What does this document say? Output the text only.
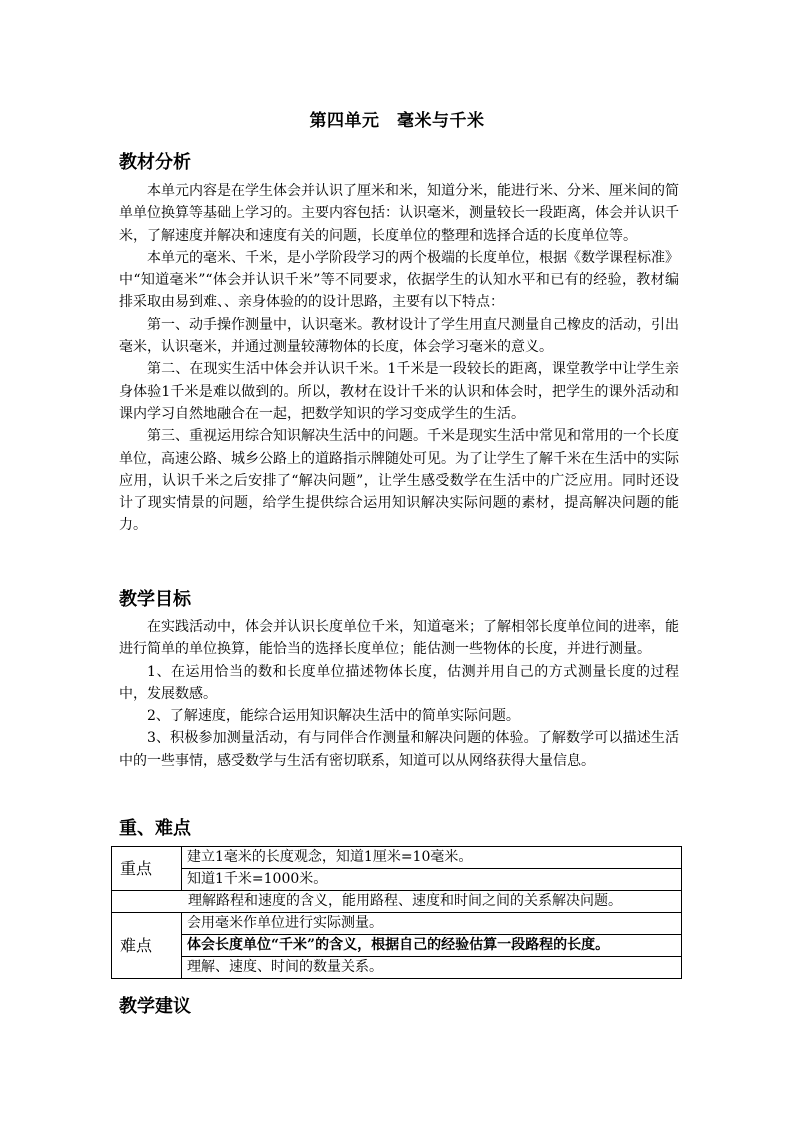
第四单元　毫米与千米
教材分析

本单元内容是在学生体会并认识了厘米和米，知道分米，能进行米、分米、厘米间的简单单位换算等基础上学习的。主要内容包括：认识毫米，测量较长一段距离，体会并认识千米，了解速度并解决和速度有关的问题，长度单位的整理和选择合适的长度单位等。

本单元的毫米、千米，是小学阶段学习的两个极端的长度单位，根据《数学课程标准》中“知道毫米”“体会并认识千米”等不同要求，依据学生的认知水平和已有的经验，教材编排采取由易到难、、亲身体验的的设计思路，主要有以下特点：

第一、动手操作测量中，认识毫米。教材设计了学生用直尺测量自己橡皮的活动，引出毫米，认识毫米，并通过测量较薄物体的长度，体会学习毫米的意义。

第二、在现实生活中体会并认识千米。1千米是一段较长的距离，课堂教学中让学生亲身体验1千米是难以做到的。所以，教材在设计千米的认识和体会时，把学生的课外活动和课内学习自然地融合在一起，把数学知识的学习变成学生的生活。

第三、重视运用综合知识解决生活中的问题。千米是现实生活中常见和常用的一个长度单位，高速公路、城乡公路上的道路指示牌随处可见。为了让学生了解千米在生活中的实际应用，认识千米之后安排了“解决问题”，让学生感受数学在生活中的广泛应用。同时还设计了现实情景的问题，给学生提供综合运用知识解决实际问题的素材，提高解决问题的能力。

教学目标

在实践活动中，体会并认识长度单位千米，知道毫米；了解相邻长度单位间的进率，能进行简单的单位换算，能恰当的选择长度单位；能估测一些物体的长度，并进行测量。

1、在运用恰当的数和长度单位描述物体长度，估测并用自己的方式测量长度的过程中，发展数感。

2、了解速度，能综合运用知识解决生活中的简单实际问题。

3、积极参加测量活动，有与同伴合作测量和解决问题的体验。了解数学可以描述生活中的一些事情，感受数学与生活有密切联系，知道可以从网络获得大量信息。

重、难点
重点	建立1毫米的长度观念，知道1厘米=10毫米。
	知道1千米=1000米。
理解路程和速度的含义，能用路程、速度和时间之间的关系解决问题。	
难点	会用毫米作单位进行实际测量。
	体会长度单位“千米”的含义，根据自己的经验估算一段路程的长度。
	理解、速度、时间的数量关系。
教学建议
